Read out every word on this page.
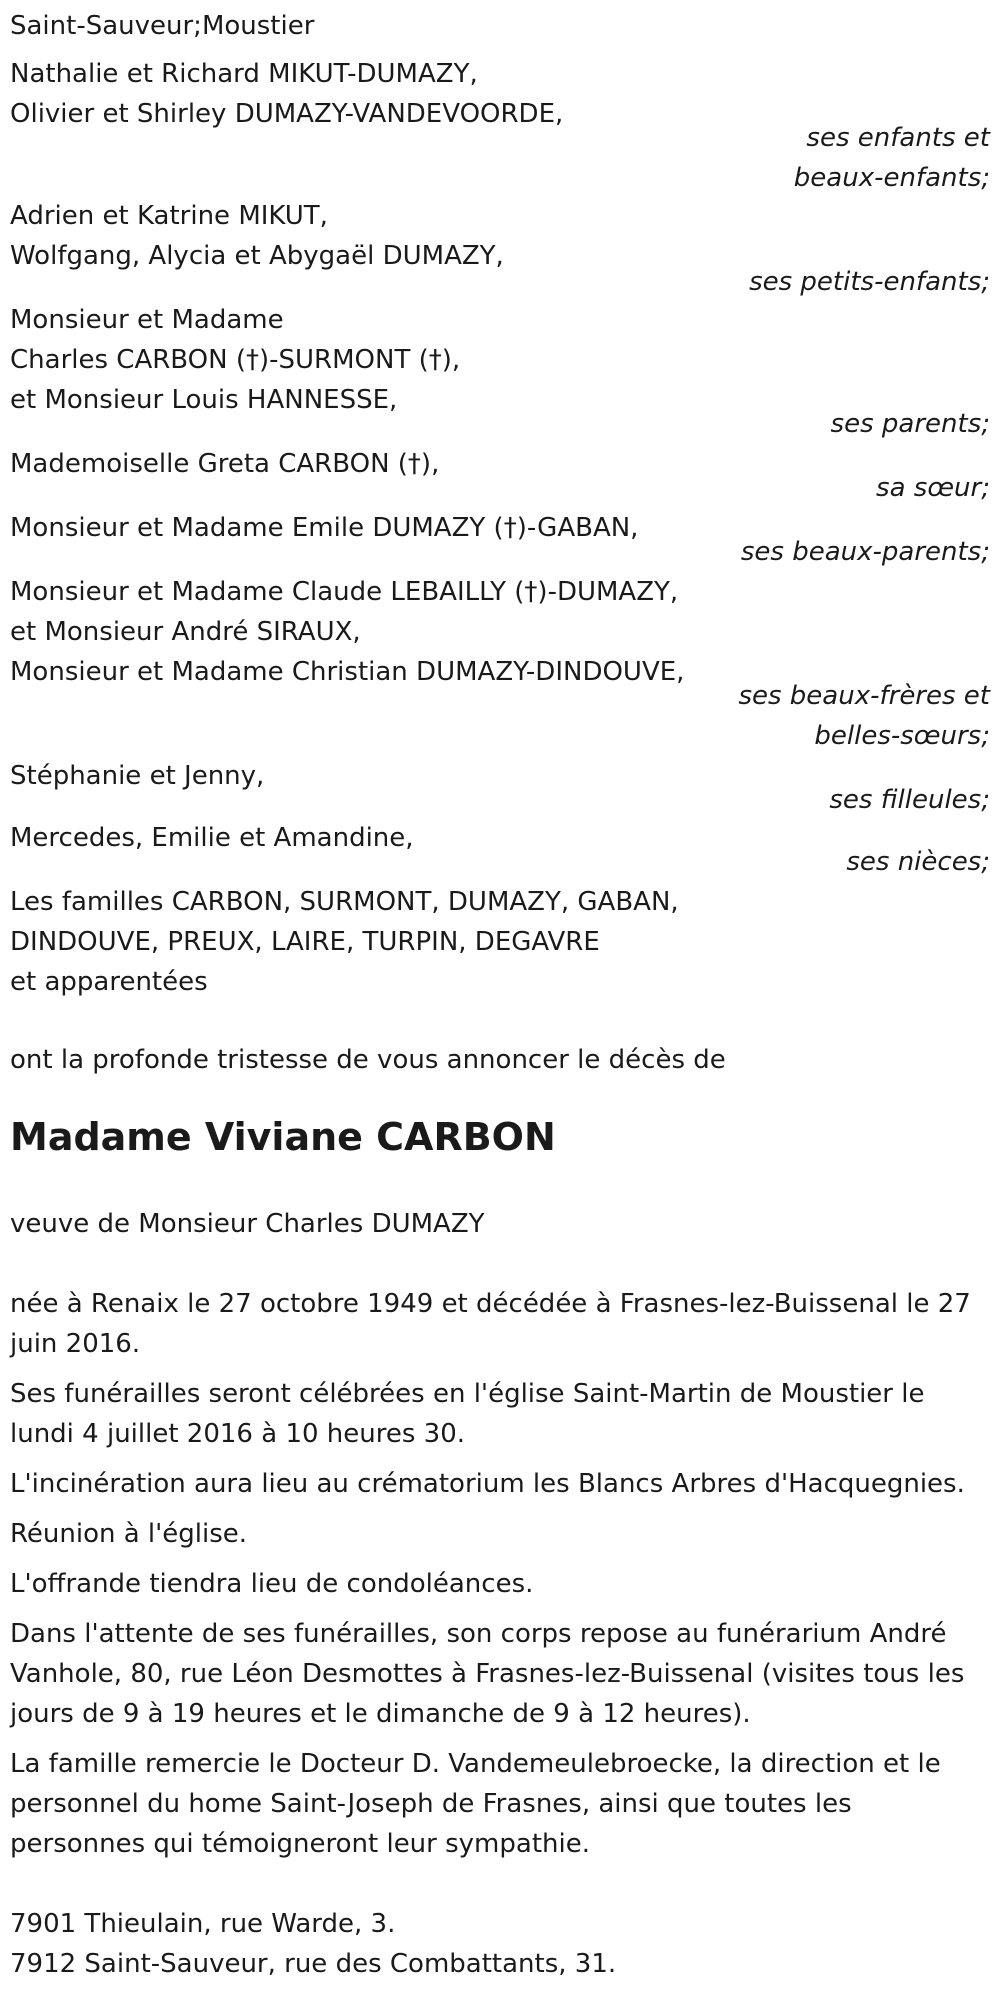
Saint-Sauveur;Moustier
Nathalie et Richard MIKUT-DUMAZY,
Olivier et Shirley DUMAZY-VANDEVOORDE,
ses enfants et
beaux-enfants;
Adrien et Katrine MIKUT,
Wolfgang, Alycia et Abygaël DUMAZY,
ses petits-enfants;
Monsieur et Madame
Charles CARBON (†)-SURMONT (†),
et Monsieur Louis HANNESSE,
ses parents;
Mademoiselle Greta CARBON (†),
sa sœur;
Monsieur et Madame Emile DUMAZY (†)-GABAN,
ses beaux-parents;
Monsieur et Madame Claude LEBAILLY (†)-DUMAZY,
et Monsieur André SIRAUX,
Monsieur et Madame Christian DUMAZY-DINDOUVE,
ses beaux-frères et
belles-sœurs;
Stéphanie et Jenny,
ses filleules;
Mercedes, Emilie et Amandine,
ses nièces;
Les familles CARBON, SURMONT, DUMAZY, GABAN,
DINDOUVE, PREUX, LAIRE, TURPIN, DEGAVRE
et apparentées
ont la profonde tristesse de vous annoncer le décès de
Madame Viviane CARBON
veuve de Monsieur Charles DUMAZY
née à Renaix le 27 octobre 1949 et décédée à Frasnes-lez-Buissenal le 27
juin 2016.
Ses funérailles seront célébrées en l'église Saint-Martin de Moustier le
lundi 4 juillet 2016 à 10 heures 30.
L'incinération aura lieu au crématorium les Blancs Arbres d'Hacquegnies.
Réunion à l'église.
L'offrande tiendra lieu de condoléances.
Dans l'attente de ses funérailles, son corps repose au funérarium André
Vanhole, 80, rue Léon Desmottes à Frasnes-lez-Buissenal (visites tous les
jours de 9 à 19 heures et le dimanche de 9 à 12 heures).
La famille remercie le Docteur D. Vandemeulebroecke, la direction et le
personnel du home Saint-Joseph de Frasnes, ainsi que toutes les
personnes qui témoigneront leur sympathie.
7901 Thieulain, rue Warde, 3.
7912 Saint-Sauveur, rue des Combattants, 31.
